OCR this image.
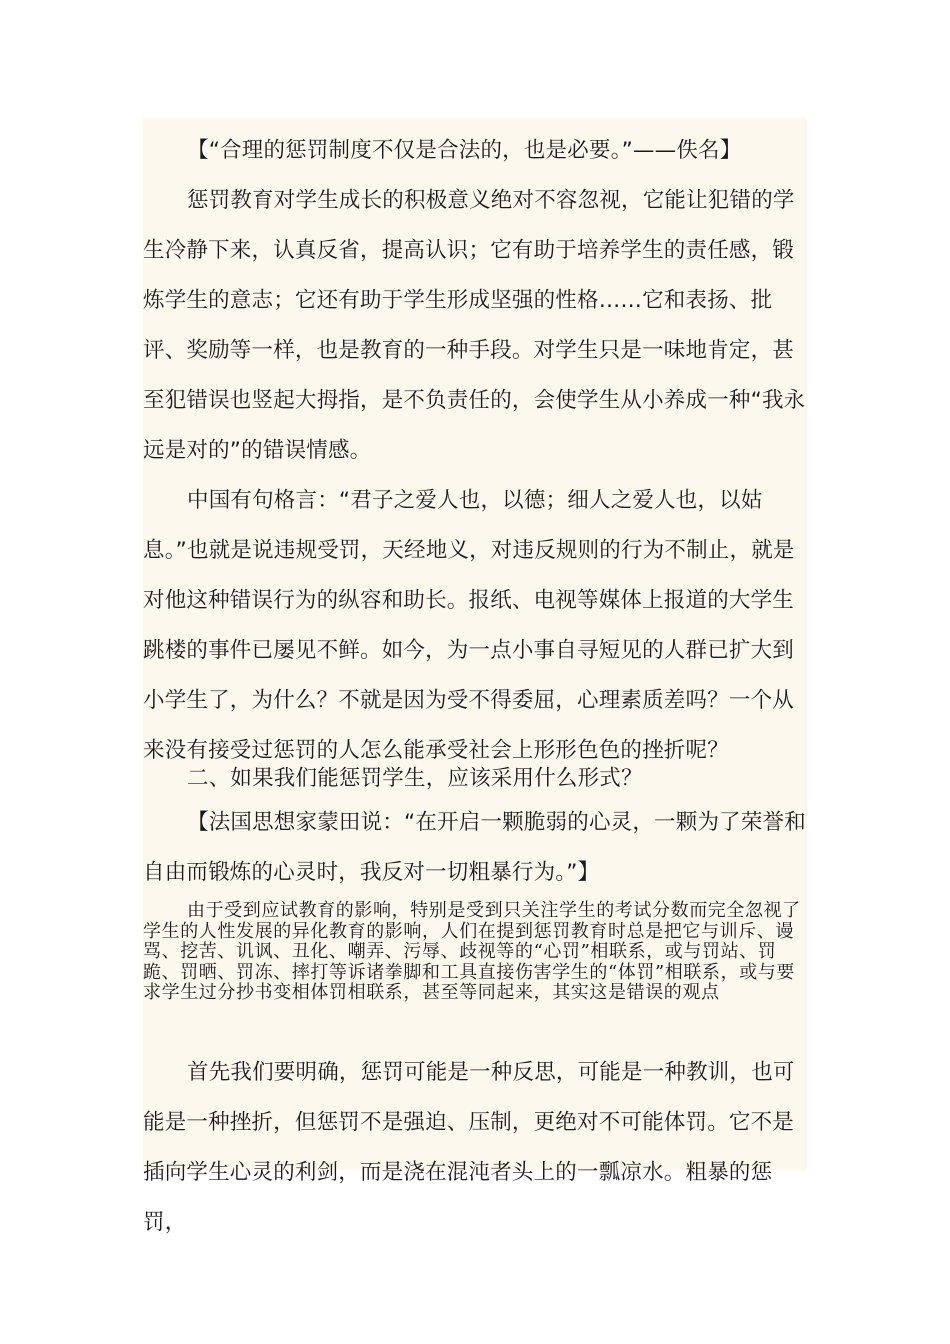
【“合理的惩罚制度不仅是合法的，也是必要。”——佚名】

惩罚教育对学生成长的积极意义绝对不容忽视，它能让犯错的学生冷静下来，认真反省，提高认识；它有助于培养学生的责任感，锻炼学生的意志；它还有助于学生形成坚强的性格……它和表扬、批评、奖励等一样，也是教育的一种手段。对学生只是一味地肯定，甚至犯错误也竖起大拇指，是不负责任的，会使学生从小养成一种“我永远是对的”的错误情感。

中国有句格言：“君子之爱人也，以德；细人之爱人也，以姑息。”也就是说违规受罚，天经地义，对违反规则的行为不制止，就是对他这种错误行为的纵容和助长。报纸、电视等媒体上报道的大学生跳楼的事件已屡见不鲜。如今，为一点小事自寻短见的人群已扩大到小学生了，为什么？不就是因为受不得委屈，心理素质差吗？一个从来没有接受过惩罚的人怎么能承受社会上形形色色的挫折呢？

二、如果我们能惩罚学生，应该采用什么形式？

【法国思想家蒙田说：“在开启一颗脆弱的心灵，一颗为了荣誉和自由而锻炼的心灵时，我反对一切粗暴行为。”】

由于受到应试教育的影响，特别是受到只关注学生的考试分数而完全忽视了学生的人性发展的异化教育的影响，人们在提到惩罚教育时总是把它与训斥、谩骂、挖苦、讥讽、丑化、嘲弄、污辱、歧视等的“心罚”相联系，或与罚站、罚跪、罚晒、罚冻、摔打等诉诸拳脚和工具直接伤害学生的“体罚”相联系，或与要求学生过分抄书变相体罚相联系，甚至等同起来，其实这是错误的观点

首先我们要明确，惩罚可能是一种反思，可能是一种教训，也可能是一种挫折，但惩罚不是强迫、压制，更绝对不可能体罚。它不是插向学生心灵的利剑，而是浇在混沌者头上的一瓢凉水。粗暴的惩罚，
